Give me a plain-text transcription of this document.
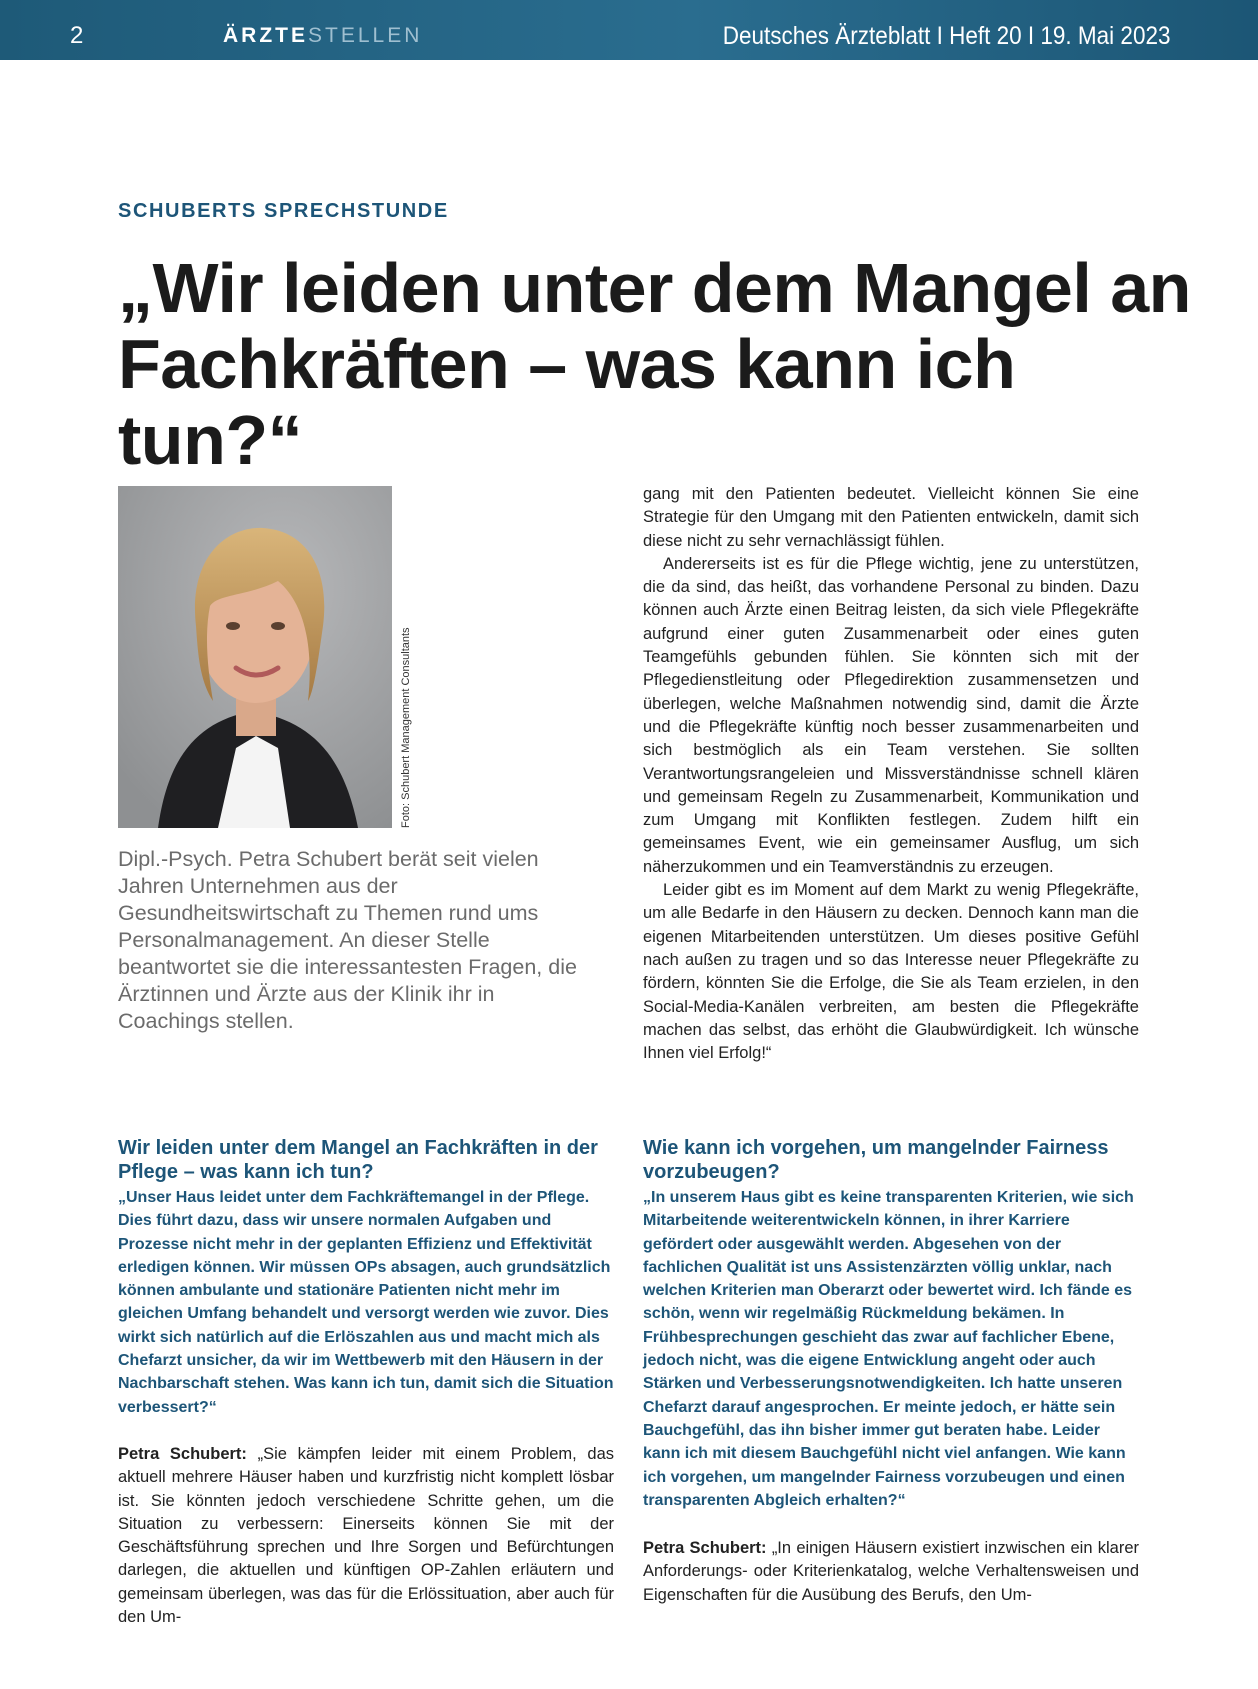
2	ÄRZTESTELLEN	Deutsches Ärzteblatt I Heft 20 I 19. Mai 2023
SCHUBERTS SPRECHSTUNDE
„Wir leiden unter dem Mangel an Fachkräften – was kann ich tun?“
Foto: Schubert Management Consultants

Dipl.-Psych. Petra Schubert berät seit vielen Jahren Unternehmen aus der Gesundheitswirtschaft zu Themen rund ums Personalmanagement. An dieser Stelle beantwortet sie die interessantesten Fragen, die Ärztinnen und Ärzte aus der Klinik ihr in Coachings stellen.

gang mit den Patienten bedeutet. Vielleicht können Sie eine Strategie für den Umgang mit den Patienten entwickeln, damit sich diese nicht zu sehr vernachlässigt fühlen.

Andererseits ist es für die Pflege wichtig, jene zu unterstützen, die da sind, das heißt, das vorhandene Personal zu binden. Dazu können auch Ärzte einen Beitrag leisten, da sich viele Pflegekräfte aufgrund einer guten Zusammenarbeit oder eines guten Teamgefühls gebunden fühlen. Sie könnten sich mit der Pflegedienstleitung oder Pflegedirektion zusammensetzen und überlegen, welche Maßnahmen notwendig sind, damit die Ärzte und die Pflegekräfte künftig noch besser zusammenarbeiten und sich bestmöglich als ein Team verstehen. Sie sollten Verantwortungsrangeleien und Missverständnisse schnell klären und gemeinsam Regeln zu Zusammenarbeit, Kommunikation und zum Umgang mit Konflikten festlegen. Zudem hilft ein gemeinsames Event, wie ein gemeinsamer Ausflug, um sich näherzukommen und ein Teamverständnis zu erzeugen.

Leider gibt es im Moment auf dem Markt zu wenig Pflegekräfte, um alle Bedarfe in den Häusern zu decken. Dennoch kann man die eigenen Mitarbeitenden unterstützen. Um dieses positive Gefühl nach außen zu tragen und so das Interesse neuer Pflegekräfte zu fördern, könnten Sie die Erfolge, die Sie als Team erzielen, in den Social-Media-Kanälen verbreiten, am besten die Pflegekräfte machen das selbst, das erhöht die Glaubwürdigkeit. Ich wünsche Ihnen viel Erfolg!“

Wir leiden unter dem Mangel an Fachkräften in der Pflege – was kann ich tun?

„Unser Haus leidet unter dem Fachkräftemangel in der Pflege. Dies führt dazu, dass wir unsere normalen Aufgaben und Prozesse nicht mehr in der geplanten Effizienz und Effektivität erledigen können. Wir müssen OPs absagen, auch grundsätzlich können ambulante und stationäre Patienten nicht mehr im gleichen Umfang behandelt und versorgt werden wie zuvor. Dies wirkt sich natürlich auf die Erlöszahlen aus und macht mich als Chefarzt unsicher, da wir im Wettbewerb mit den Häusern in der Nachbarschaft stehen. Was kann ich tun, damit sich die Situation verbessert?“

Petra Schubert: „Sie kämpfen leider mit einem Problem, das aktuell mehrere Häuser haben und kurzfristig nicht komplett lösbar ist. Sie könnten jedoch verschiedene Schritte gehen, um die Situation zu verbessern: Einerseits können Sie mit der Geschäftsführung sprechen und Ihre Sorgen und Befürchtungen darlegen, die aktuellen und künftigen OP-Zahlen erläutern und gemeinsam überlegen, was das für die Erlössituation, aber auch für den Um-

Wie kann ich vorgehen, um mangelnder Fairness vorzubeugen?

„In unserem Haus gibt es keine transparenten Kriterien, wie sich Mitarbeitende weiterentwickeln können, in ihrer Karriere gefördert oder ausgewählt werden. Abgesehen von der fachlichen Qualität ist uns Assistenzärzten völlig unklar, nach welchen Kriterien man Oberarzt oder bewertet wird. Ich fände es schön, wenn wir regelmäßig Rückmeldung bekämen. In Frühbesprechungen geschieht das zwar auf fachlicher Ebene, jedoch nicht, was die eigene Entwicklung angeht oder auch Stärken und Verbesserungsnotwendigkeiten. Ich hatte unseren Chefarzt darauf angesprochen. Er meinte jedoch, er hätte sein Bauchgefühl, das ihn bisher immer gut beraten habe. Leider kann ich mit diesem Bauchgefühl nicht viel anfangen. Wie kann ich vorgehen, um mangelnder Fairness vorzubeugen und einen transparenten Abgleich erhalten?“

Petra Schubert: „In einigen Häusern existiert inzwischen ein klarer Anforderungs- oder Kriterienkatalog, welche Verhaltensweisen und Eigenschaften für die Ausübung des Berufs, den Um-
